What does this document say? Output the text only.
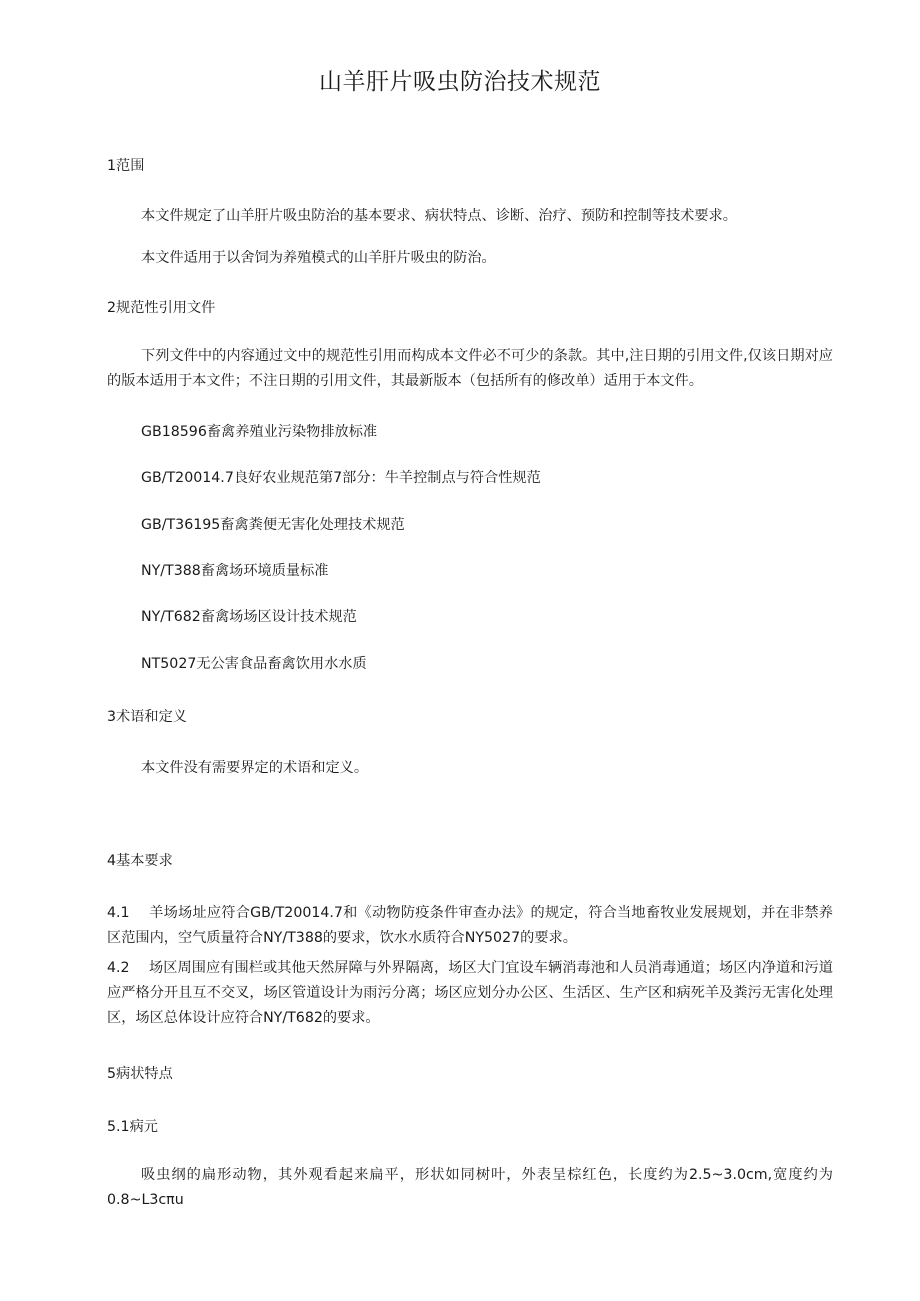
山羊肝片吸虫防治技术规范
1范围
本文件规定了山羊肝片吸虫防治的基本要求、病状特点、诊断、治疗、预防和控制等技术要求。
本文件适用于以舍饲为养殖模式的山羊肝片吸虫的防治。
2规范性引用文件
下列文件中的内容通过文中的规范性引用而构成本文件必不可少的条款。其中,注日期的引用文件,仅该日期对应的版本适用于本文件；不注日期的引用文件，其最新版本（包括所有的修改单）适用于本文件。
GB18596畜禽养殖业污染物排放标准
GB/T20014.7良好农业规范第7部分：牛羊控制点与符合性规范
GB/T36195畜禽粪便无害化处理技术规范
NY/T388畜禽场环境质量标准
NY/T682畜禽场场区设计技术规范
NT5027无公害食品畜禽饮用水水质
3术语和定义
本文件没有需要界定的术语和定义。
4基本要求
4.1 羊场场址应符合GB/T20014.7和《动物防疫条件审查办法》的规定，符合当地畜牧业发展规划，并在非禁养区范围内，空气质量符合NY/T388的要求，饮水水质符合NY5027的要求。
4.2 场区周围应有围栏或其他天然屏障与外界隔离，场区大门宜设车辆消毒池和人员消毒通道；场区内净道和污道应严格分开且互不交叉，场区管道设计为雨污分离；场区应划分办公区、生活区、生产区和病死羊及粪污无害化处理区，场区总体设计应符合NY/T682的要求。
5病状特点
5.1病元
吸虫纲的扁形动物，其外观看起来扁平，形状如同树叶，外表呈棕红色，长度约为2.5~3.0cm,宽度约为0.8~L3cπu
